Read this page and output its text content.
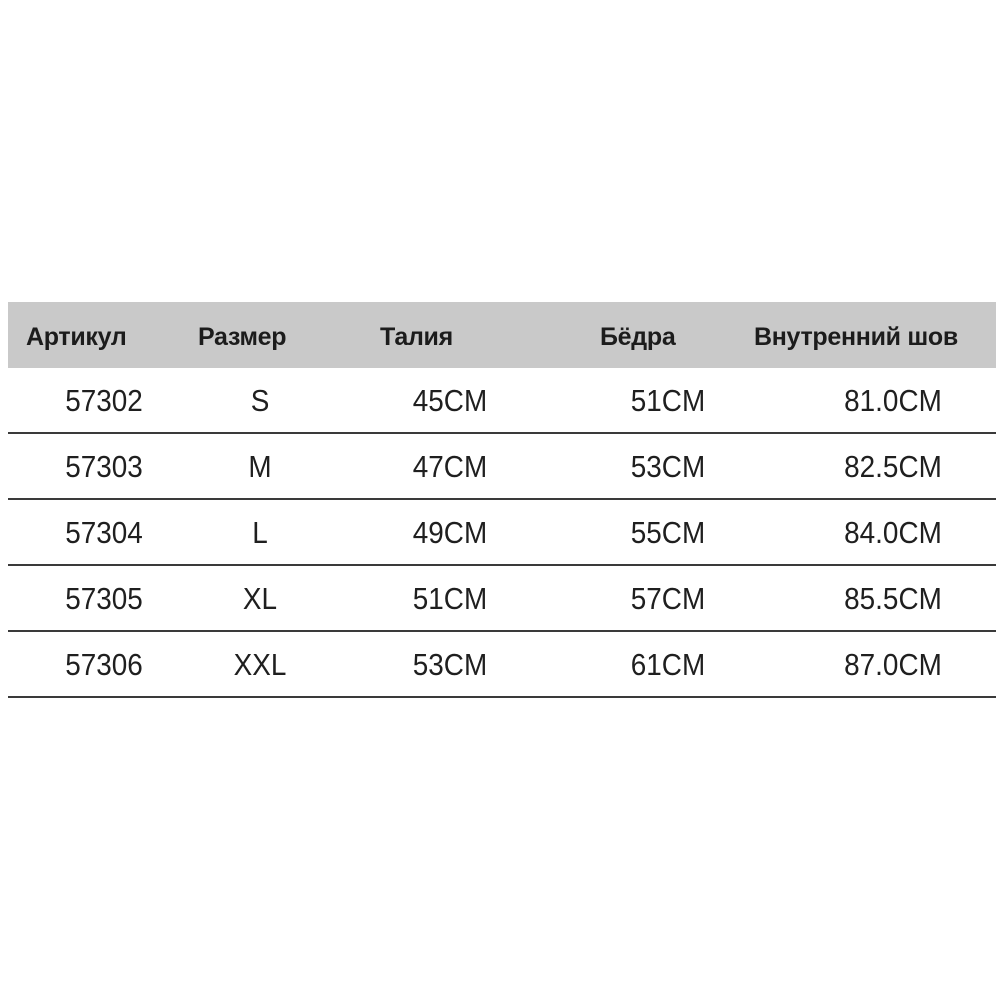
Артикул	Размер	Талия	Бёдра	Внутренний шов
57302	S	45CM	51CM	81.0CM
57303	M	47CM	53CM	82.5CM
57304	L	49CM	55CM	84.0CM
57305	XL	51CM	57CM	85.5CM
57306	XXL	53CM	61CM	87.0CM
